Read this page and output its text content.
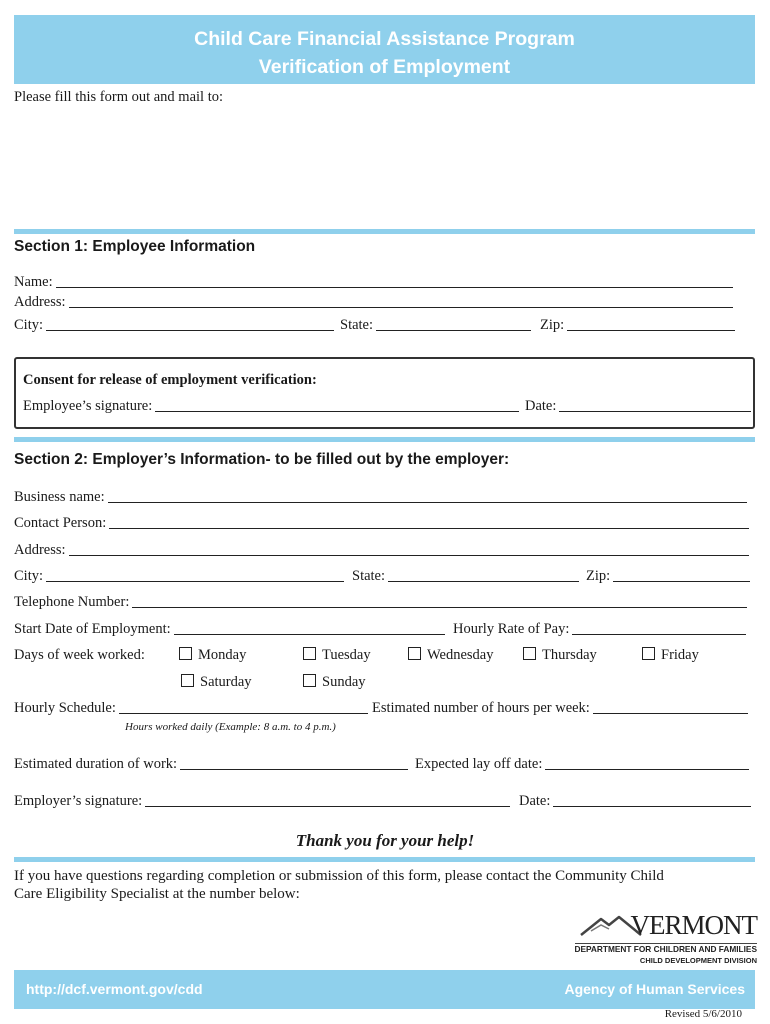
Child Care Financial Assistance Program
Verification of Employment
Please fill this form out and mail to:
Section 1: Employee Information
Name:
Address:
City:	State:	Zip:
Consent for release of employment verification:
Employee’s signature:	Date:
Section 2: Employer’s Information- to be filled out by the employer:
Business name:
Contact Person:
Address:
City:	State:	Zip:
Telephone Number:
Start Date of Employment:	Hourly Rate of Pay:
Days of week worked:	Monday	Tuesday	Wednesday	Thursday	Friday
Saturday	Sunday
Hourly Schedule:	Estimated number of hours per week:
Hours worked daily (Example: 8 a.m. to 4 p.m.)
Estimated duration of work:	Expected lay off date:
Employer’s signature:	Date:
Thank you for your help!
If you have questions regarding completion or submission of this form, please contact the Community Child
Care Eligibility Specialist at the number below:
VERMONT
DEPARTMENT FOR CHILDREN AND FAMILIES
CHILD DEVELOPMENT DIVISION
http://dcf.vermont.gov/cdd	Agency of Human Services
Revised 5/6/2010
